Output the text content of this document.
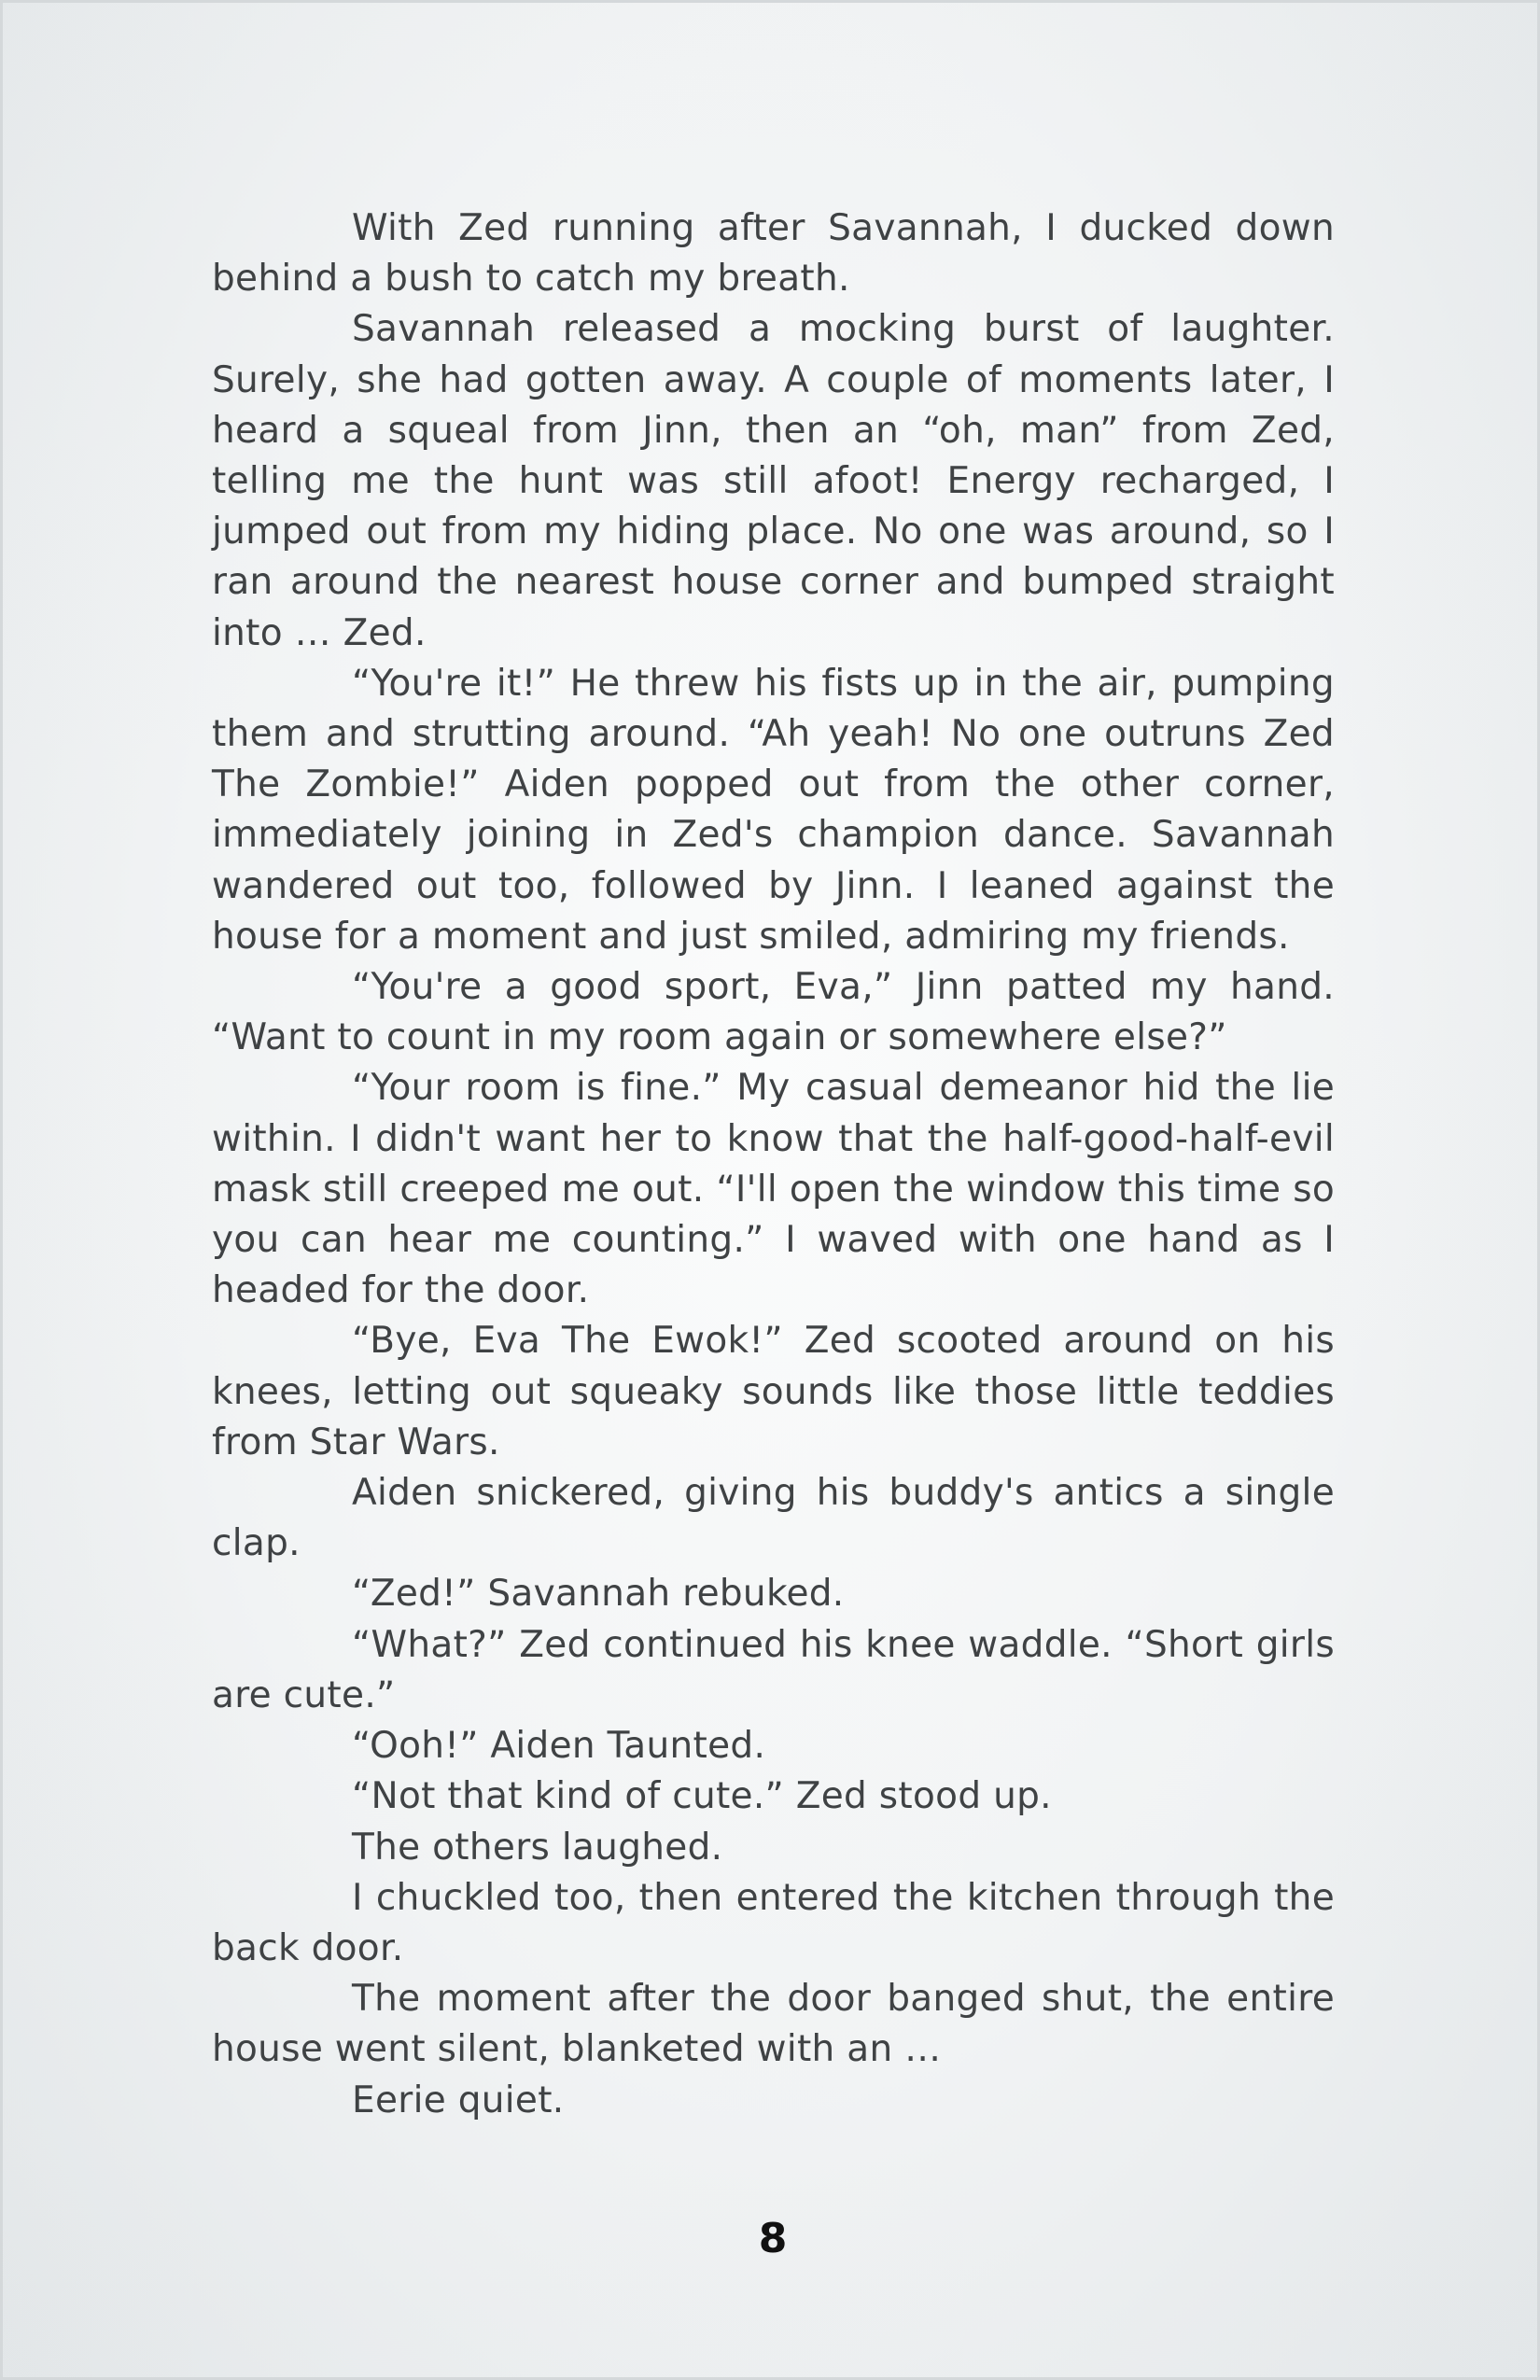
With Zed running after Savannah, I ducked down behind a bush to catch my breath.

Savannah released a mocking burst of laughter. Surely, she had gotten away. A couple of moments later, I heard a squeal from Jinn, then an “oh, man” from Zed, telling me the hunt was still afoot! Energy recharged, I jumped out from my hiding place. No one was around, so I ran around the nearest house corner and bumped straight into … Zed.

“You're it!” He threw his fists up in the air, pumping them and strutting around. “Ah yeah! No one outruns Zed The Zombie!” Aiden popped out from the other corner, immediately joining in Zed's champion dance. Savannah wandered out too, followed by Jinn. I leaned against the house for a moment and just smiled, admiring my friends.

“You're a good sport, Eva,” Jinn patted my hand. “Want to count in my room again or somewhere else?”

“Your room is fine.” My casual demeanor hid the lie within. I didn't want her to know that the half-good-half-evil mask still creeped me out. “I'll open the window this time so you can hear me counting.” I waved with one hand as I headed for the door.

“Bye, Eva The Ewok!” Zed scooted around on his knees, letting out squeaky sounds like those little teddies from Star Wars.

Aiden snickered, giving his buddy's antics a single clap.

“Zed!” Savannah rebuked.

“What?” Zed continued his knee waddle. “Short girls are cute.”

“Ooh!” Aiden Taunted.

“Not that kind of cute.” Zed stood up.

The others laughed.

I chuckled too, then entered the kitchen through the back door.

The moment after the door banged shut, the entire house went silent, blanketed with an …

Eerie quiet.

8
